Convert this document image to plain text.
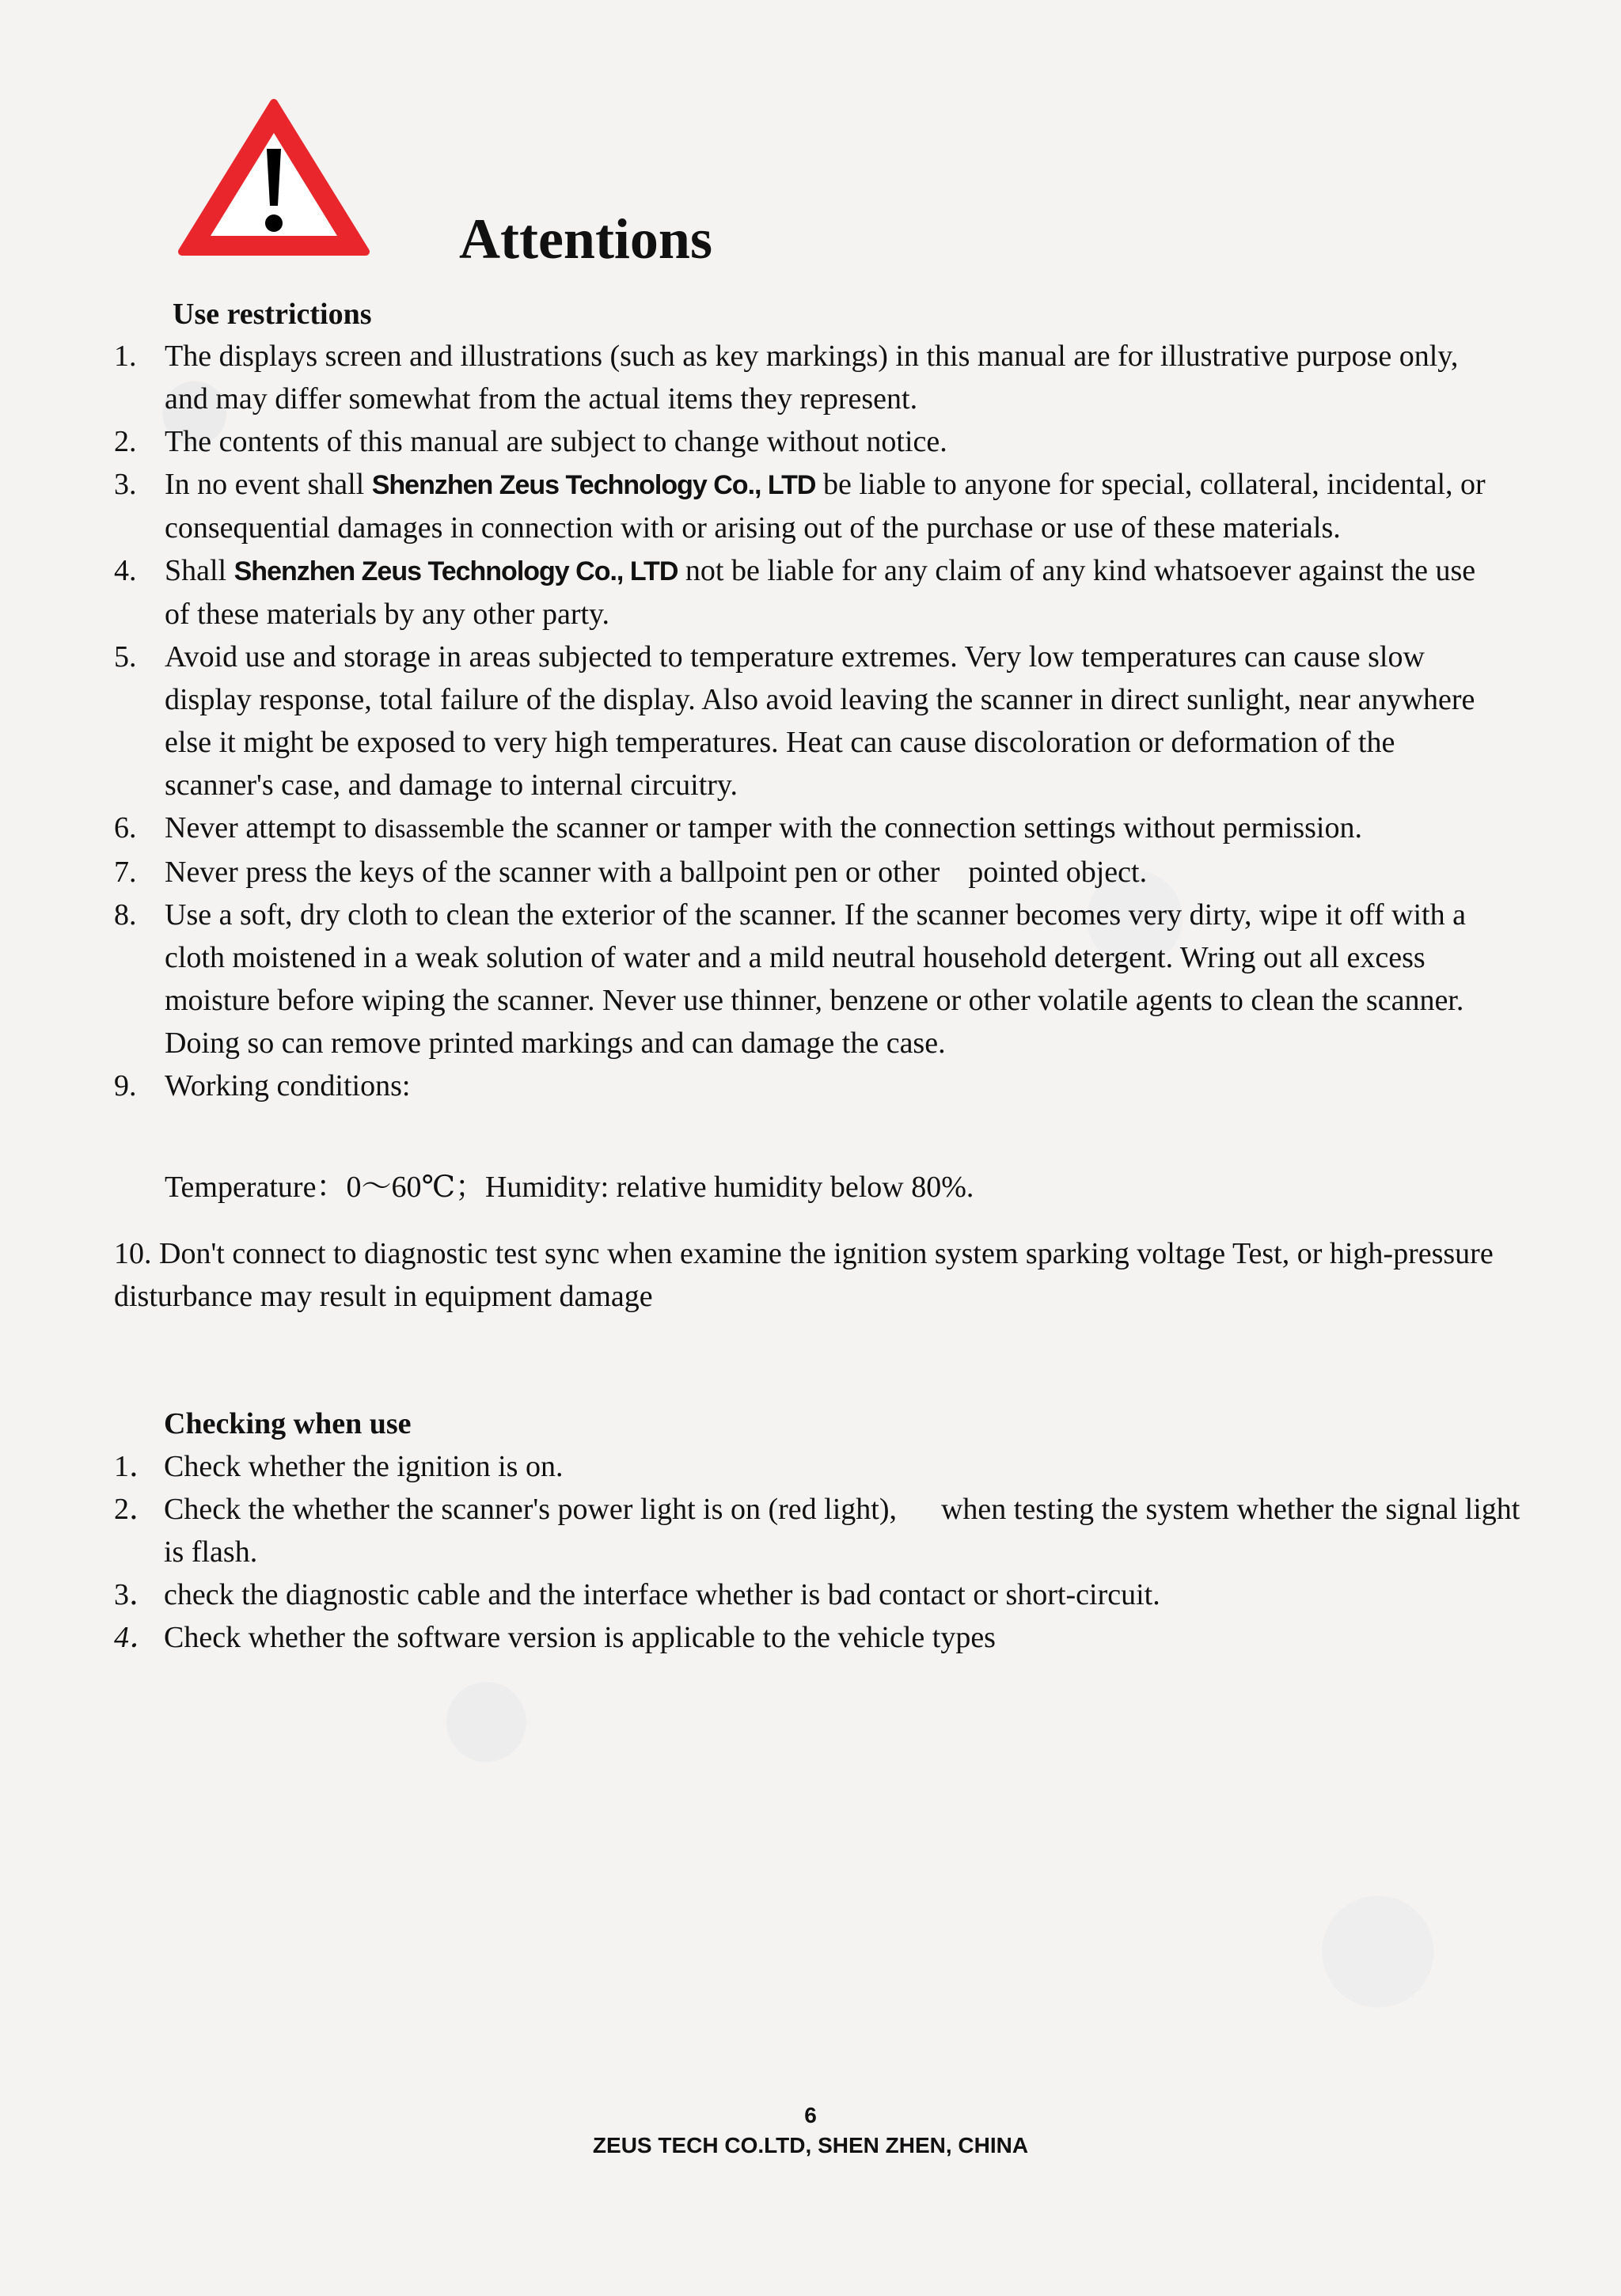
Attentions
Use restrictions
1. The displays screen and illustrations (such as key markings) in this manual are for illustrative purpose only, and may differ somewhat from the actual items they represent.
2. The contents of this manual are subject to change without notice.
3. In no event shall Shenzhen Zeus Technology Co., LTD be liable to anyone for special, collateral, incidental, or consequential damages in connection with or arising out of the purchase or use of these materials.
4. Shall Shenzhen Zeus Technology Co., LTD not be liable for any claim of any kind whatsoever against the use of these materials by any other party.
5. Avoid use and storage in areas subjected to temperature extremes. Very low temperatures can cause slow display response, total failure of the display. Also avoid leaving the scanner in direct sunlight, near anywhere else it might be exposed to very high temperatures. Heat can cause discoloration or deformation of the scanner's case, and damage to internal circuitry.
6. Never attempt to disassemble the scanner or tamper with the connection settings without permission.
7. Never press the keys of the scanner with a ballpoint pen or other pointed object.
8. Use a soft, dry cloth to clean the exterior of the scanner. If the scanner becomes very dirty, wipe it off with a cloth moistened in a weak solution of water and a mild neutral household detergent. Wring out all excess moisture before wiping the scanner. Never use thinner, benzene or other volatile agents to clean the scanner. Doing so can remove printed markings and can damage the case.
9. Working conditions:
Temperature：0～60℃；Humidity: relative humidity below 80%.
10. Don't connect to diagnostic test sync when examine the ignition system sparking voltage Test, or high-pressure disturbance may result in equipment damage
Checking when use
1． Check whether the ignition is on.
2． Check the whether the scanner's power light is on (red light), when testing the system whether the signal light is flash.
3． check the diagnostic cable and the interface whether is bad contact or short-circuit.
4． Check whether the software version is applicable to the vehicle types
6
ZEUS TECH CO.LTD, SHEN ZHEN, CHINA
